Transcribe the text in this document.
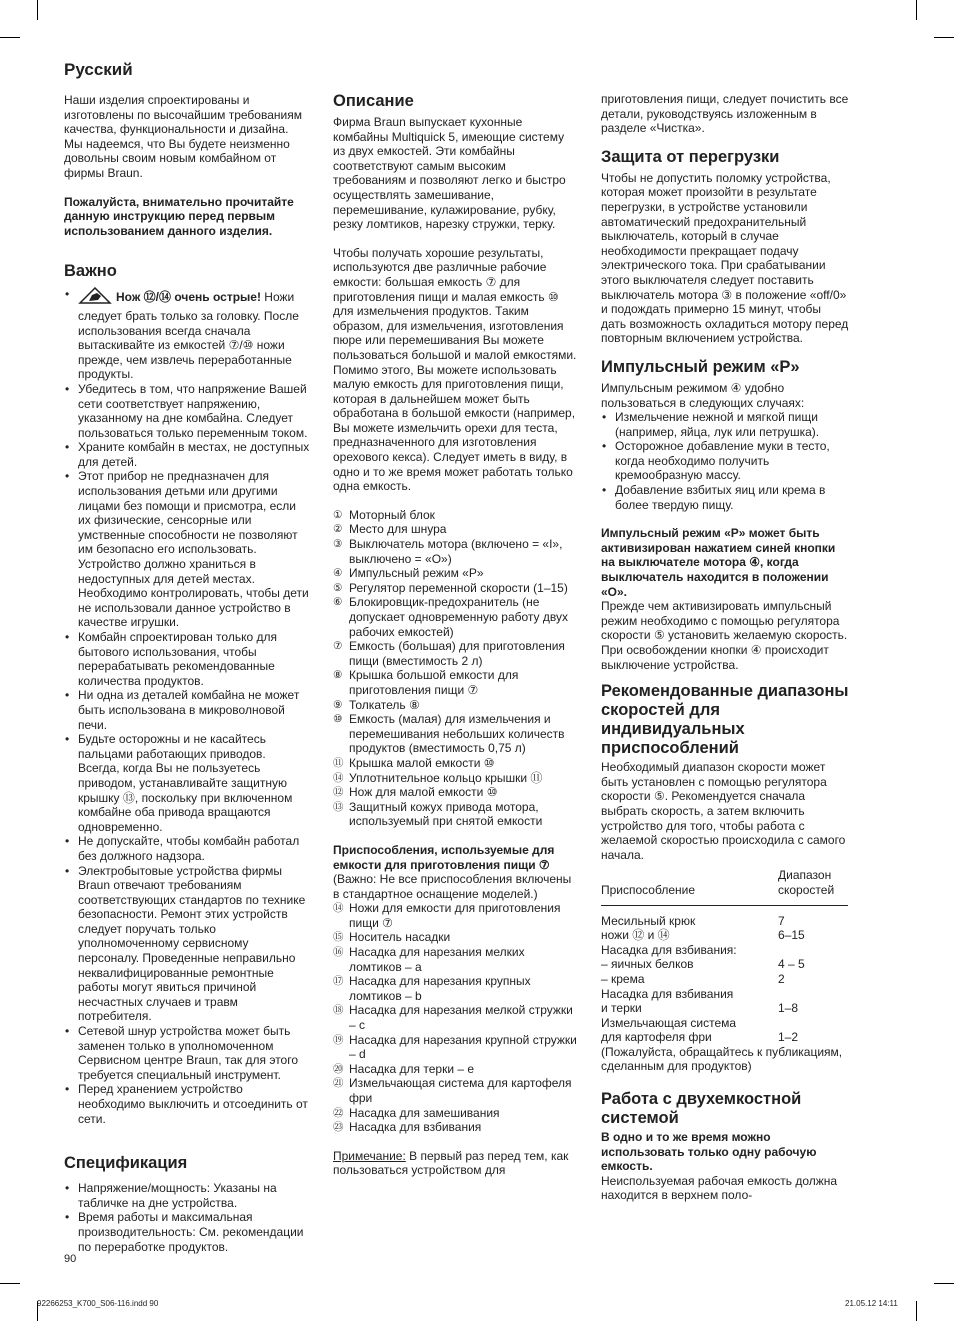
Русский

Наши изделия спроектированы и изготовлены по высочайшим требованиям качества, функциональности и дизайна. Мы надеемся, что Вы будете неизменно довольны своим новым комбайном от фирмы Braun.

Пожалуйста, внимательно прочитайте данную инструкцию перед первым использованием данного изделия.

Важно
• Нож ⑫/⑭ очень острые! Ножи следует брать только за головку. После использования всегда сначала вытаскивайте из емкостей ⑦/⑩ ножи прежде, чем извлечь переработанные продукты.
• Убедитесь в том, что напряжение Вашей сети соответствует напряжению, указанному на дне комбайна. Следует пользоваться только переменным током.
• Храните комбайн в местах, не доступных для детей.
• Этот прибор не предназначен для использования детьми или другими лицами без помощи и присмотра, если их физические, сенсорные или умственные способности не позволяют им безопасно его использовать. Устройство должно храниться в недоступных для детей местах. Необходимо контролировать, чтобы дети не использовали данное устройство в качестве игрушки.
• Комбайн спроектирован только для бытового использования, чтобы перерабатывать рекомендованные количества продуктов.
• Ни одна из деталей комбайна не может быть использована в микроволновой печи.
• Будьте осторожны и не касайтесь пальцами работающих приводов. Всегда, когда Вы не пользуетесь приводом, устанавливайте защитную крышку ⑬, поскольку при включенном комбайне оба привода вращаются одновременно.
• Не допускайте, чтобы комбайн работал без должного надзора.
• Электробытовые устройства фирмы Braun отвечают требованиям соответствующих стандартов по технике безопасности. Ремонт этих устройств следует поручать только уполномоченному сервисному персоналу. Проведенные неправильно неквалифицированные ремонтные работы могут явиться причиной несчастных случаев и травм потребителя.
• Сетевой шнур устройства может быть заменен только в уполномоченном Сервисном центре Braun, так для этого требуется специальный инструмент.
• Перед хранением устройство необходимо выключить и отсоединить от сети.
Спецификация
• Напряжение/мощность: Указаны на табличке на дне устройства.
• Время работы и максимальная производительность: См. рекомендации по переработке продуктов.
Описание

Фирма Braun выпускает кухонные комбайны Multiquick 5, имеющие систему из двух емкостей. Эти комбайны соответствуют самым высоким требованиям и позволяют легко и быстро осуществлять замешивание, перемешивание, кулажирование, рубку, резку ломтиков, нарезку стружки, терку.

Чтобы получать хорошие результаты, используются две различные рабочие емкости: большая емкость ⑦ для приготовления пищи и малая емкость ⑩ для измельчения продуктов. Таким образом, для измельчения, изготовления пюре или перемешивания Вы можете пользоваться большой и малой емкостями. Помимо этого, Вы можете использовать малую емкость для приготовления пищи, которая в дальнейшем может быть обработана в большой емкости (например, Вы можете измельчить орехи для теста, предназначенного для изготовления орехового кекса). Следует иметь в виду, в одно и то же время может работать только одна емкость.

① Моторный блок
② Место для шнура
③ Выключатель мотора (включено = «I», выключено = «O»)
④ Импульсный режим «P»
⑤ Регулятор переменной скорости (1–15)
⑥ Блокировщик-предохранитель (не допускает одновременную работу двух рабочих емкостей)
⑦ Емкость (большая) для приготовления пищи (вместимость 2 л)
⑧ Крышка большой емкости для приготовления пищи ⑦
⑨ Толкатель ⑧
⑩ Емкость (малая) для измельчения и перемешивания небольших количеств продуктов (вместимость 0,75 л)
⑪ Крышка малой емкости ⑩
⑭ Уплотнительное кольцо крышки ⑪
⑫ Нож для малой емкости ⑩
⑬ Защитный кожух привода мотора, используемый при снятой емкости

Приспособления, используемые для емкости для приготовления пищи ⑦

(Важно: Не все приспособления включены в стандартное оснащение моделей.)

⑭ Ножи для емкости для приготовления пищи ⑦
⑮ Носитель насадки
⑯ Насадка для нарезания мелких ломтиков – a
⑰ Насадка для нарезания крупных ломтиков – b
⑱ Насадка для нарезания мелкой стружки – c
⑲ Насадка для нарезания крупной стружки – d
⑳ Насадка для терки – e
㉑ Измельчающая система для картофеля фри
㉒ Насадка для замешивания
㉓ Насадка для взбивания

Примечание: В первый раз перед тем, как пользоваться устройством для

приготовления пищи, следует почистить все детали, руководствуясь изложенным в разделе «Чистка».

Защита от перегрузки

Чтобы не допустить поломку устройства, которая может произойти в результате перегрузки, в устройстве установили автоматический предохранительный выключатель, который в случае необходимости прекращает подачу электрического тока. При срабатывании этого выключателя следует поставить выключатель мотора ③ в положение «off/0» и подождать примерно 15 минут, чтобы дать возможность охладиться мотору перед повторным включением устройства.

Импульсный режим «P»

Импульсным режимом ④ удобно пользоваться в следующих случаях:

• Измельчение нежной и мягкой пищи (например, яйца, лук или петрушка).
• Осторожное добавление муки в тесто, когда необходимо получить кремообразную массу.
• Добавление взбитых яиц или крема в более твердую пищу.

Импульсный режим «P» может быть активизирован нажатием синей кнопки на выключателе мотора ④, когда выключатель находится в положении «O».

Прежде чем активизировать импульсный режим необходимо с помощью регулятора скорости ⑤ установить желаемую скорость. При освобождении кнопки ④ происходит выключение устройства.

Рекомендованные диапазоны скоростей для индивидуальных приспособлений

Необходимый диапазон скорости может быть установлен с помощью регулятора скорости ⑤. Рекомендуется сначала выбрать скорость, а затем включить устройство для того, чтобы работа с желаемой скоростью происходила с самого начала.

Приспособление	Диапазон скоростей
Месильный крюк	7
ножи ⑫ и ⑭	6–15
Насадка для взбивания:	
– яичных белков	4 – 5
– крема	2
Насадка для взбивания	
и терки	1–8
Измельчающая система	
для картофеля фри	1–2

(Пожалуйста, обращайтесь к публикациям, сделанным для продуктов)

Работа с двухемкостной системой

В одно и то же время можно использовать только одну рабочую емкость.

Неиспользуемая рабочая емкость должна находится в верхнем поло-

90
92266253_K700_S06-116.indd 90	21.05.12 14:11
